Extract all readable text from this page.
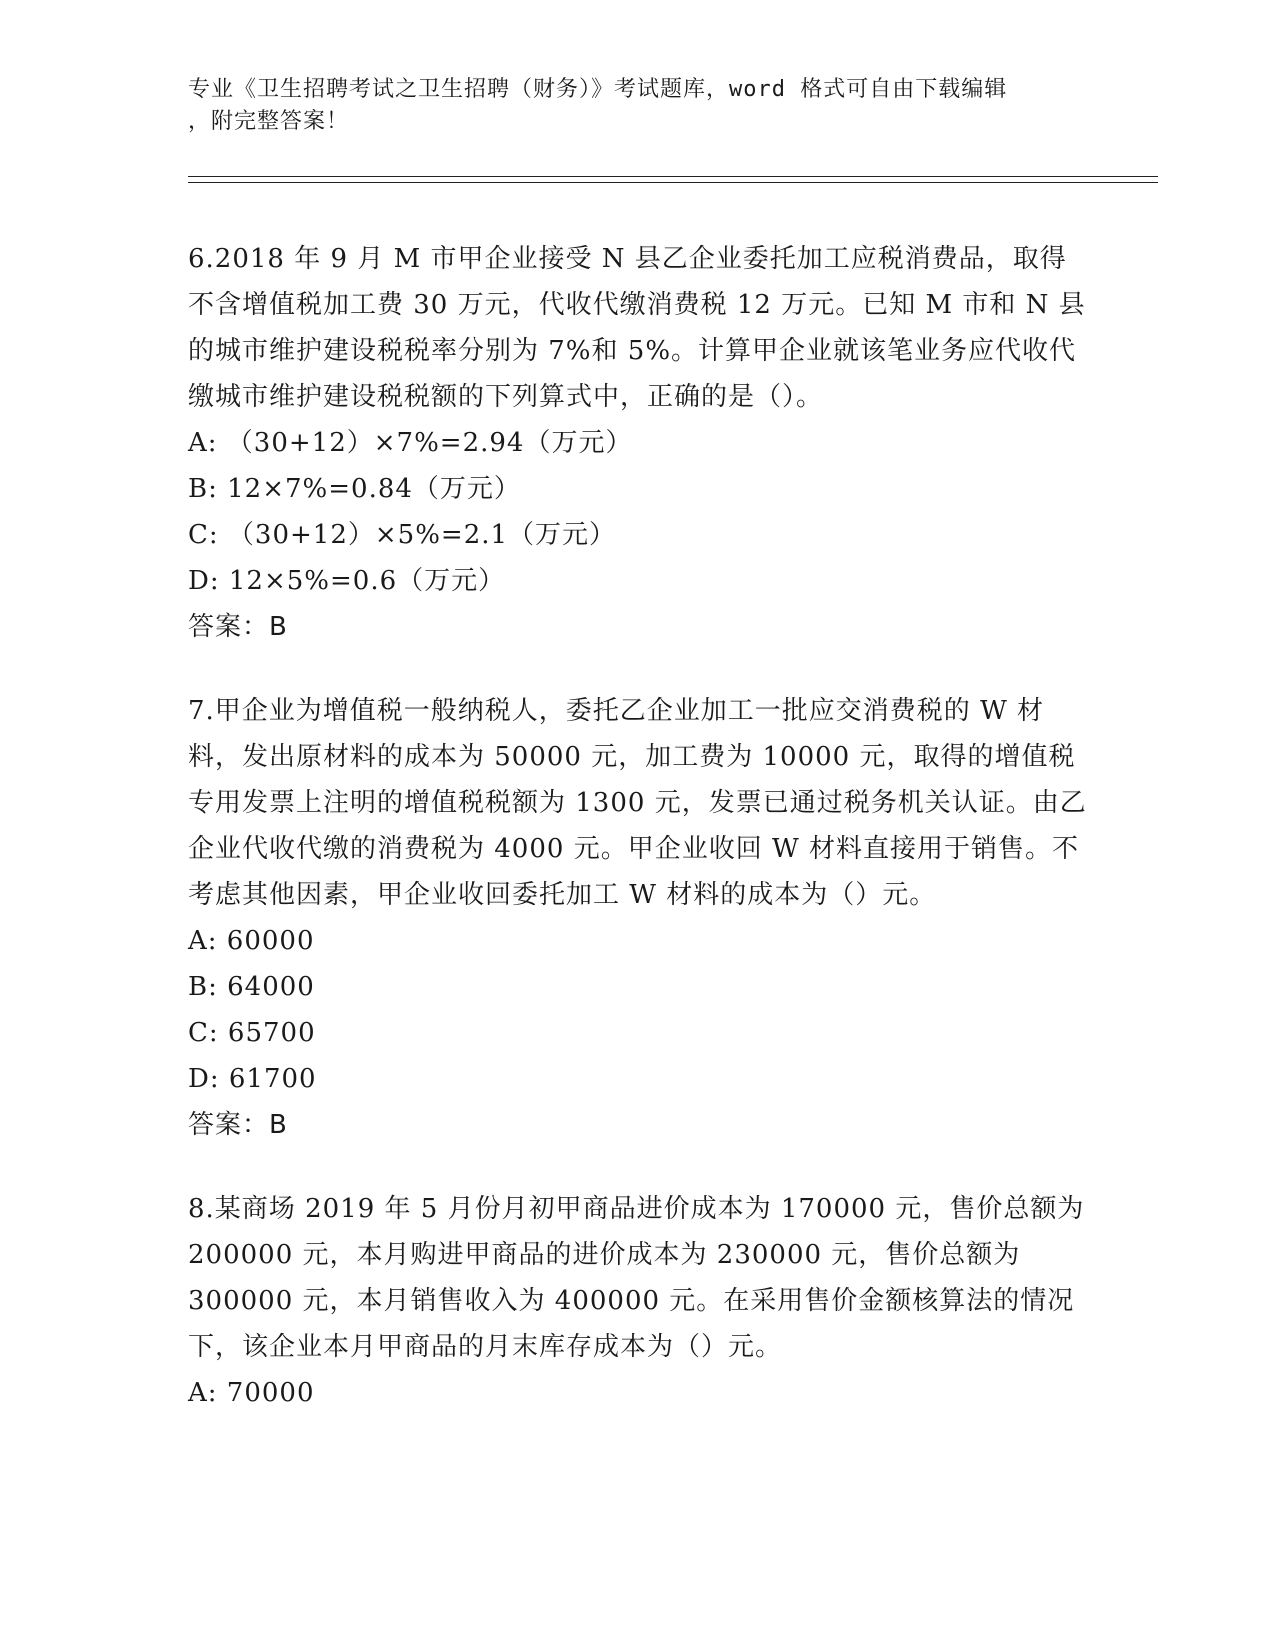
专业《卫生招聘考试之卫生招聘（财务）》考试题库，word 格式可自由下载编辑
，附完整答案！
6.2018 年 9 月 M 市甲企业接受 N 县乙企业委托加工应税消费品，取得不含增值税加工费 30 万元，代收代缴消费税 12 万元。已知 M 市和 N 县的城市维护建设税税率分别为 7%和 5%。计算甲企业就该笔业务应代收代缴城市维护建设税税额的下列算式中，正确的是（）。
A: （30+12）×7%=2.94（万元）
B: 12×7%=0.84（万元）
C: （30+12）×5%=2.1（万元）
D: 12×5%=0.6（万元）
答案：B
7.甲企业为增值税一般纳税人，委托乙企业加工一批应交消费税的 W 材料，发出原材料的成本为 50000 元，加工费为 10000 元，取得的增值税专用发票上注明的增值税税额为 1300 元，发票已通过税务机关认证。由乙企业代收代缴的消费税为 4000 元。甲企业收回 W 材料直接用于销售。不考虑其他因素，甲企业收回委托加工 W 材料的成本为（）元。
A: 60000
B: 64000
C: 65700
D: 61700
答案：B
8.某商场 2019 年 5 月份月初甲商品进价成本为 170000 元，售价总额为 200000 元，本月购进甲商品的进价成本为 230000 元，售价总额为 300000 元，本月销售收入为 400000 元。在采用售价金额核算法的情况下，该企业本月甲商品的月末库存成本为（）元。
A: 70000
